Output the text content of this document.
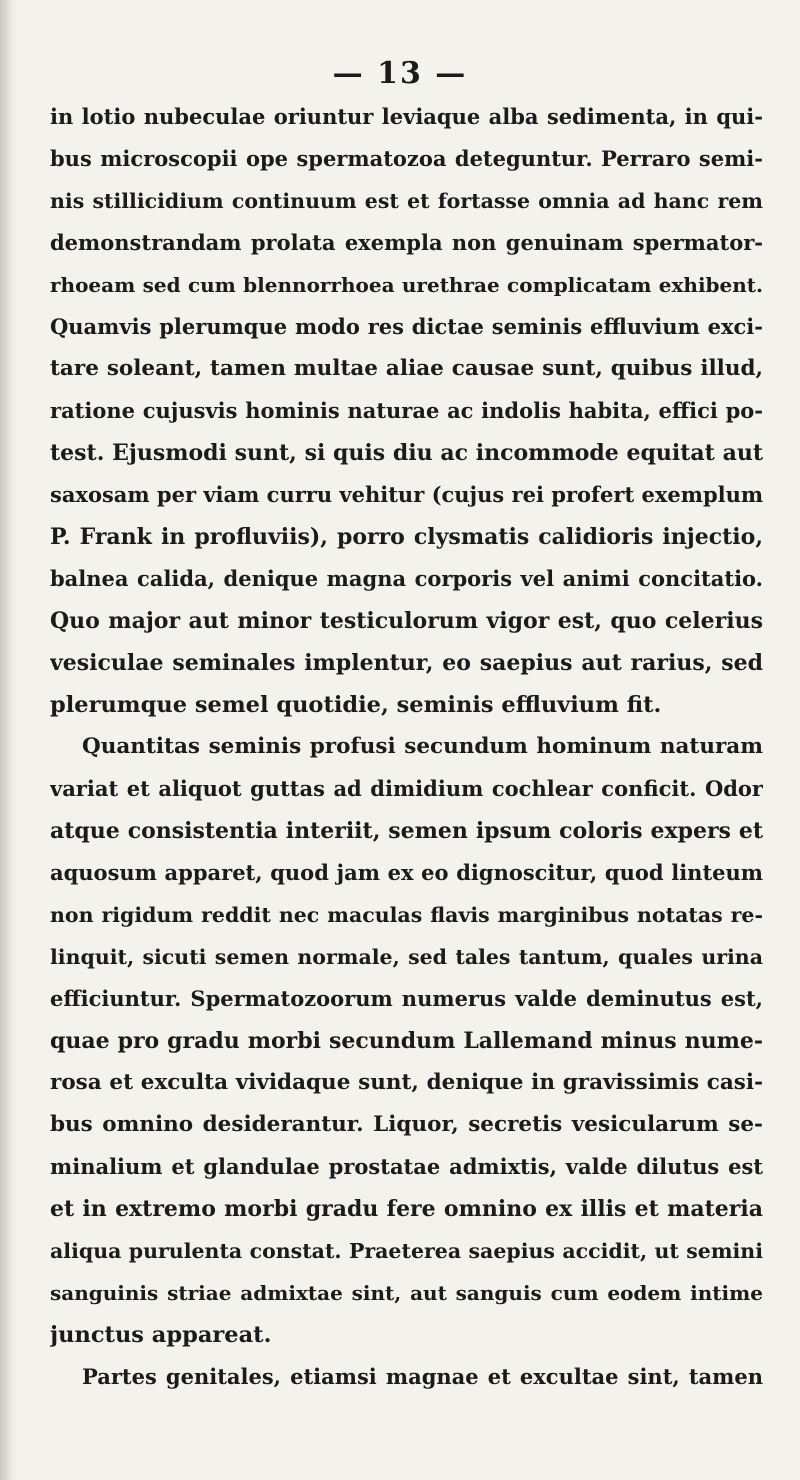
— 13 —
in lotio nubeculae oriuntur leviaque alba sedimenta, in qui-
bus microscopii ope spermatozoa deteguntur. Perraro semi-
nis stillicidium continuum est et fortasse omnia ad hanc rem
demonstrandam prolata exempla non genuinam spermator-
rhoeam sed cum blennorrhoea urethrae complicatam exhibent.
Quamvis plerumque modo res dictae seminis effluvium exci-
tare soleant, tamen multae aliae causae sunt, quibus illud,
ratione cujusvis hominis naturae ac indolis habita, effici po-
test. Ejusmodi sunt, si quis diu ac incommode equitat aut
saxosam per viam curru vehitur (cujus rei profert exemplum
P. Frank in profluviis), porro clysmatis calidioris injectio,
balnea calida, denique magna corporis vel animi concitatio.
Quo major aut minor testiculorum vigor est, quo celerius
vesiculae seminales implentur, eo saepius aut rarius, sed
plerumque semel quotidie, seminis effluvium fit.
Quantitas seminis profusi secundum hominum naturam
variat et aliquot guttas ad dimidium cochlear conficit. Odor
atque consistentia interiit, semen ipsum coloris expers et
aquosum apparet, quod jam ex eo dignoscitur, quod linteum
non rigidum reddit nec maculas flavis marginibus notatas re-
linquit, sicuti semen normale, sed tales tantum, quales urina
efficiuntur. Spermatozoorum numerus valde deminutus est,
quae pro gradu morbi secundum Lallemand minus nume-
rosa et exculta vividaque sunt, denique in gravissimis casi-
bus omnino desiderantur. Liquor, secretis vesicularum se-
minalium et glandulae prostatae admixtis, valde dilutus est
et in extremo morbi gradu fere omnino ex illis et materia
aliqua purulenta constat. Praeterea saepius accidit, ut semini
sanguinis striae admixtae sint, aut sanguis cum eodem intime
junctus appareat.
Partes genitales, etiamsi magnae et excultae sint, tamen
